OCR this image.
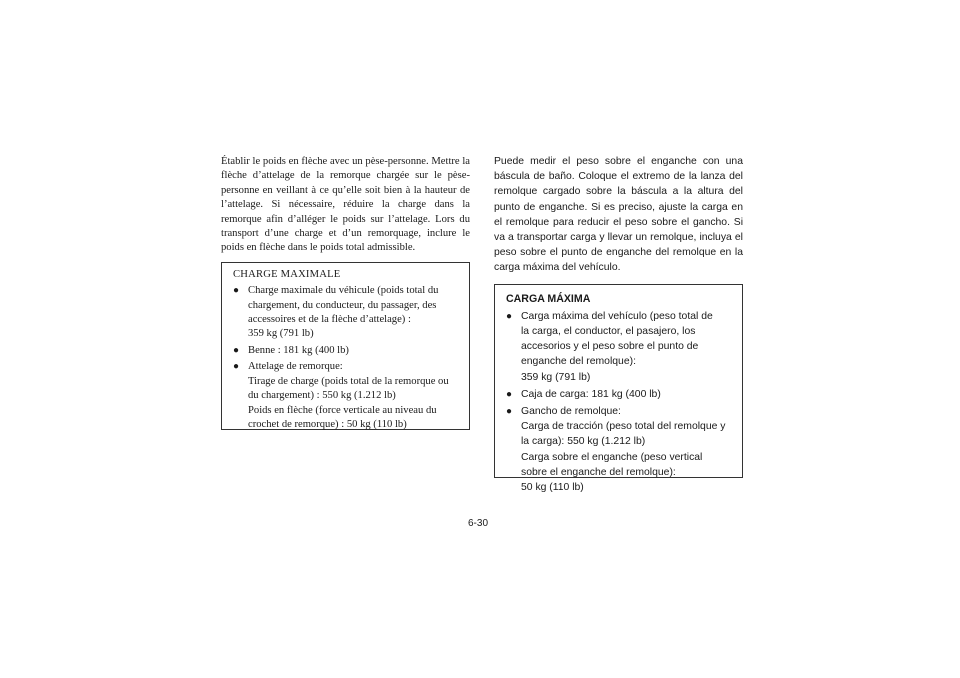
Établir le poids en flèche avec un pèse-personne. Mettre la flèche d’attelage de la remorque chargée sur le pèse-personne en veillant à ce qu’elle soit bien à la hauteur de l’attelage. Si nécessaire, réduire la charge dans la remorque afin d’alléger le poids sur l’attelage. Lors du transport d’une charge et d’un remorquage, inclure le poids en flèche dans le poids total admissible.

CHARGE MAXIMALE
● Charge maximale du véhicule (poids total du
chargement, du conducteur, du passager, des
accessoires et de la flèche d’attelage) :
359 kg (791 lb)
● Benne : 181 kg (400 lb)
● Attelage de remorque:
Tirage de charge (poids total de la remorque ou
du chargement) : 550 kg (1.212 lb)
Poids en flèche (force verticale au niveau du
crochet de remorque) : 50 kg (110 lb)

Puede medir el peso sobre el enganche con una báscula de baño. Coloque el extremo de la lanza del remolque cargado sobre la báscula a la altura del punto de enganche. Si es preciso, ajuste la carga en el remolque para reducir el peso sobre el gancho. Si va a transportar carga y llevar un remolque, incluya el peso sobre el punto de enganche del remolque en la carga máxima del vehículo.

CARGA MÁXIMA
● Carga máxima del vehículo (peso total de
la carga, el conductor, el pasajero, los
accesorios y el peso sobre el punto de
enganche del remolque):
359 kg (791 lb)
● Caja de carga: 181 kg (400 lb)
● Gancho de remolque:
Carga de tracción (peso total del remolque y
la carga): 550 kg (1.212 lb)
Carga sobre el enganche (peso vertical
sobre el enganche del remolque):
50 kg (110 lb)
6-30
